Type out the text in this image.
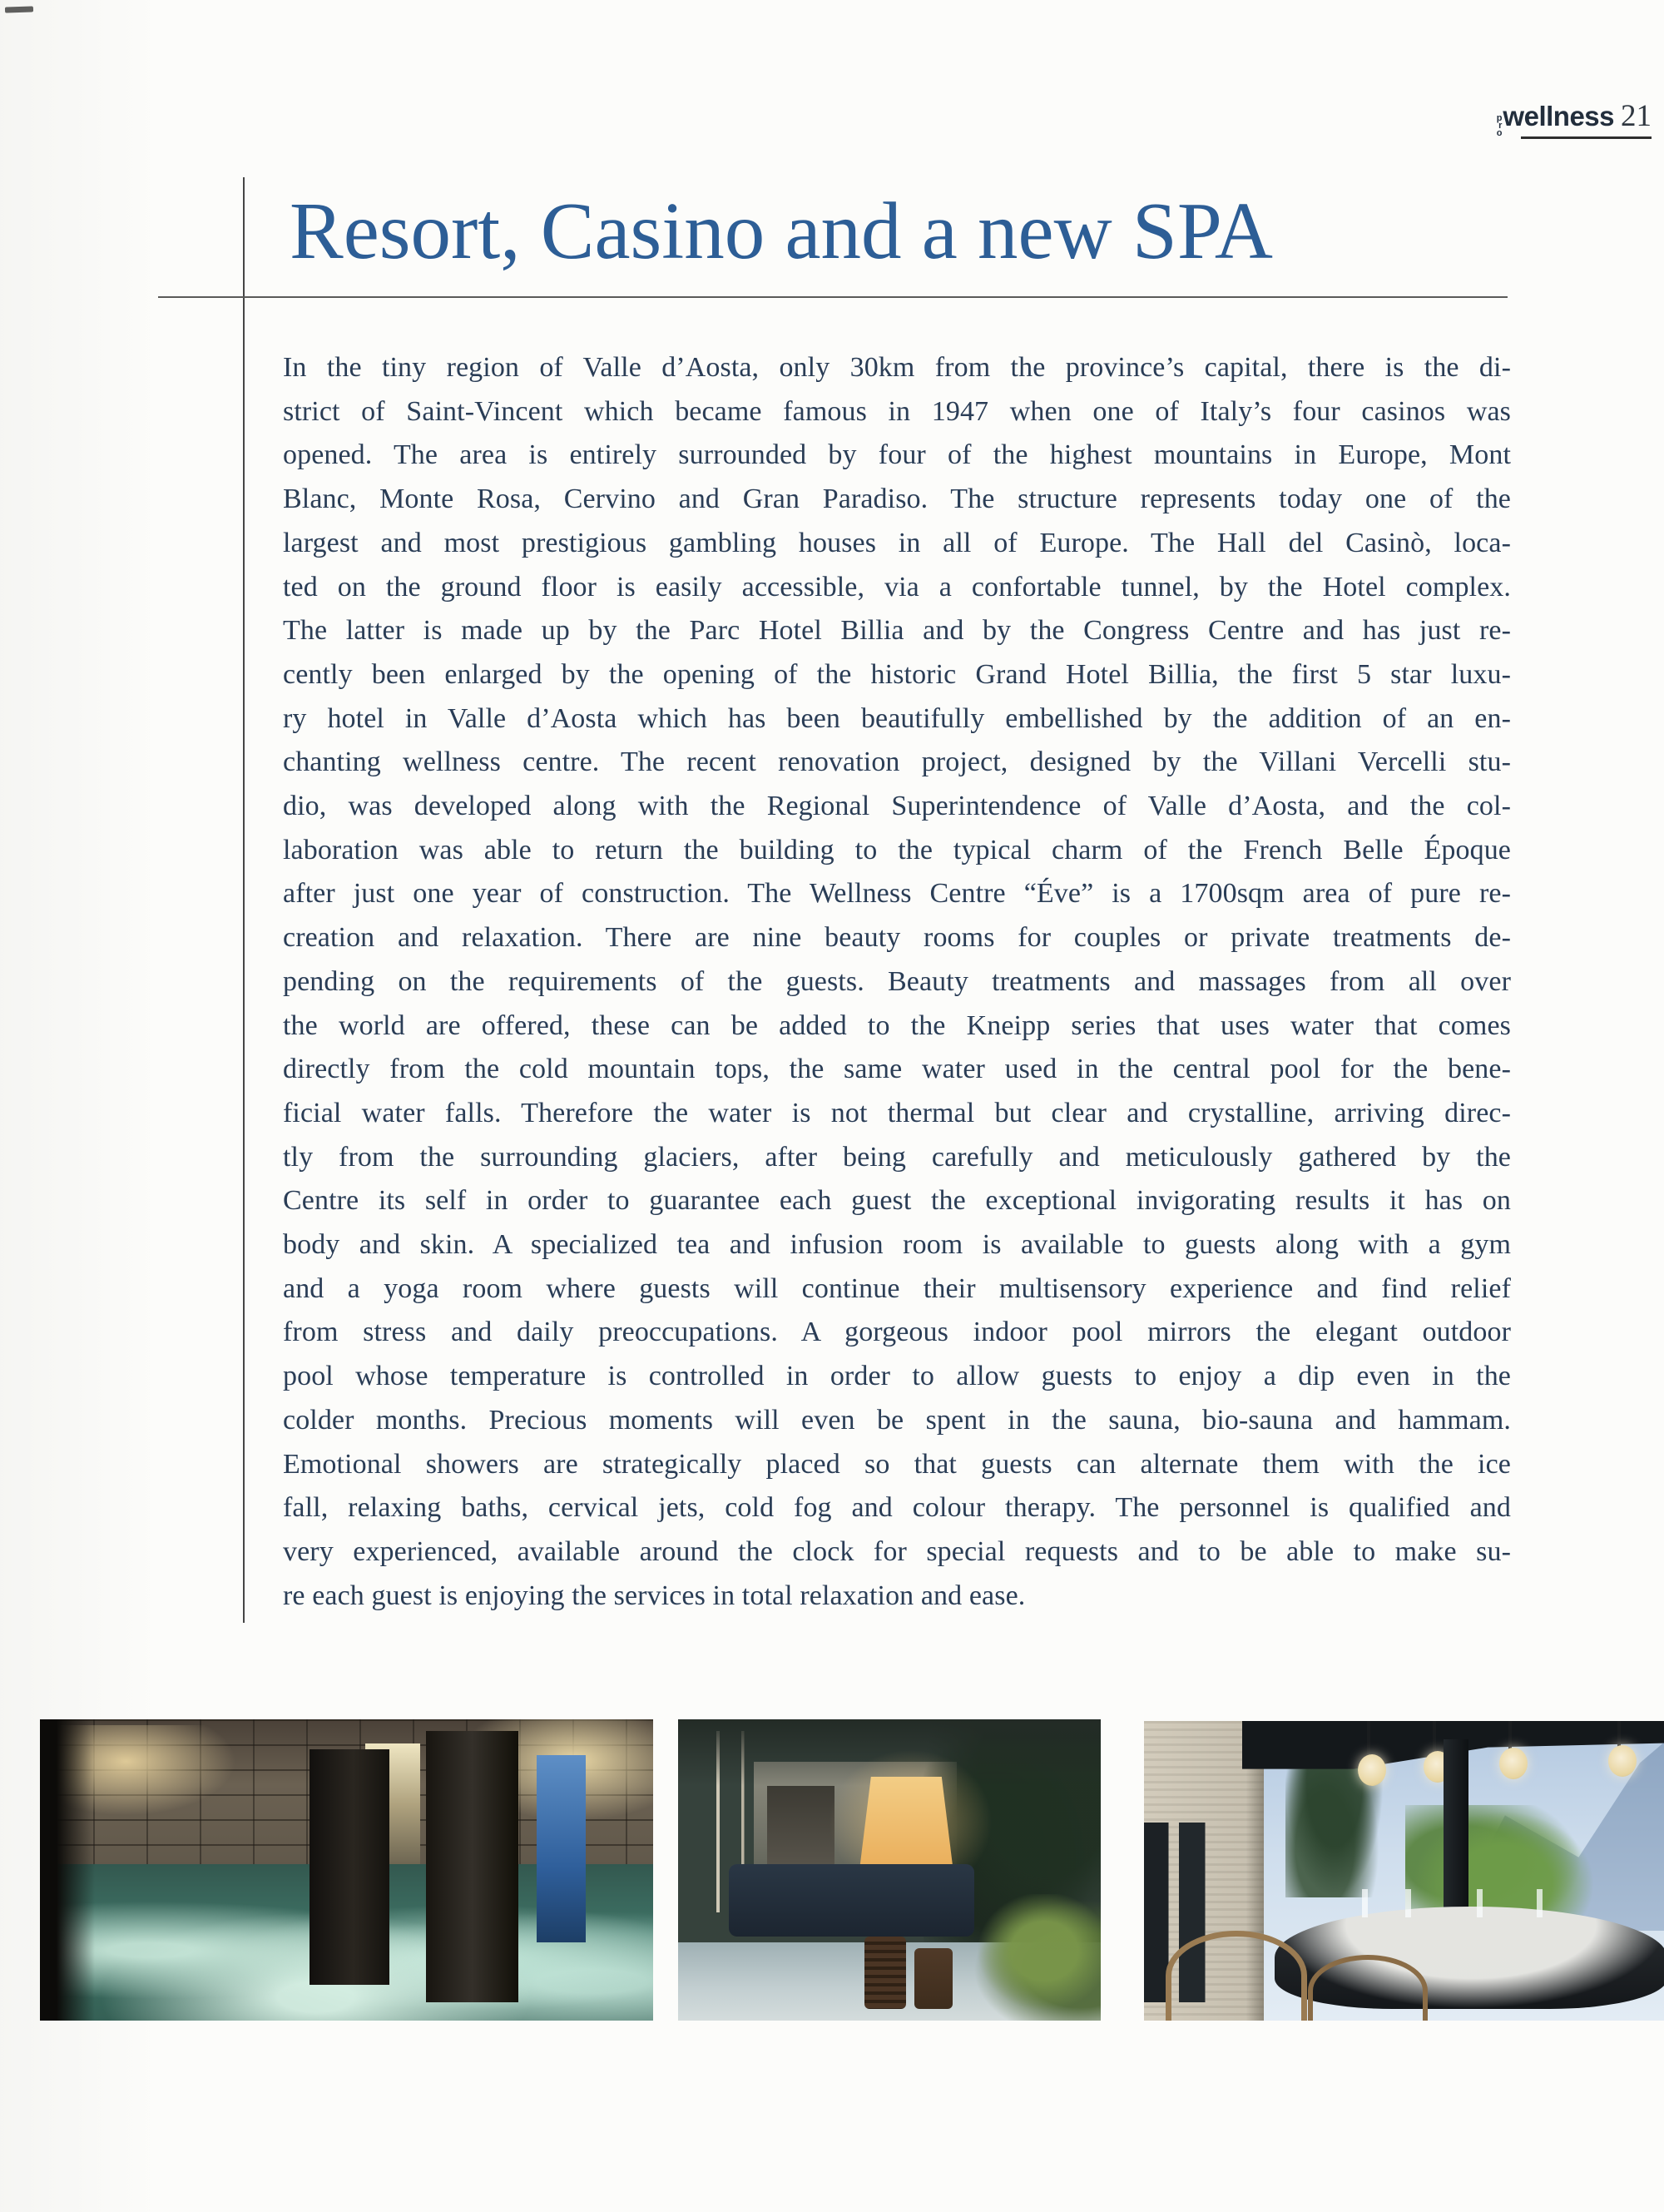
p
r
o
wellness 21
Resort, Casino and a new SPA
In the tiny region of Valle d’Aosta, only 30km from the province’s capital, there is the di-
strict of Saint-Vincent which became famous in 1947 when one of Italy’s four casinos was
opened. The area is entirely surrounded by four of the highest mountains in Europe, Mont
Blanc, Monte Rosa, Cervino and Gran Paradiso. The structure represents today one of the
largest and most prestigious gambling houses in all of Europe. The Hall del Casinò, loca-
ted on the ground floor is easily accessible, via a confortable tunnel, by the Hotel complex.
The latter is made up by the Parc Hotel Billia and by the Congress Centre and has just re-
cently been enlarged by the opening of the historic Grand Hotel Billia, the first 5 star luxu-
ry hotel in Valle d’Aosta which has been beautifully embellished by the addition of an en-
chanting wellness centre. The recent renovation project, designed by the Villani Vercelli stu-
dio, was developed along with the Regional Superintendence of Valle d’Aosta, and the col-
laboration was able to return the building to the typical charm of the French Belle Époque
after just one year of construction. The Wellness Centre “Éve” is a 1700sqm area of pure re-
creation and relaxation. There are nine beauty rooms for couples or private treatments de-
pending on the requirements of the guests. Beauty treatments and massages from all over
the world are offered, these can be added to the Kneipp series that uses water that comes
directly from the cold mountain tops, the same water used in the central pool for the bene-
ficial water falls. Therefore the water is not thermal but clear and crystalline, arriving direc-
tly from the surrounding glaciers, after being carefully and meticulously gathered by the
Centre its self in order to guarantee each guest the exceptional invigorating results it has on
body and skin. A specialized tea and infusion room is available to guests along with a gym
and a yoga room where guests will continue their multisensory experience and find relief
from stress and daily preoccupations. A gorgeous indoor pool mirrors the elegant outdoor
pool whose temperature is controlled in order to allow guests to enjoy a dip even in the
colder months. Precious moments will even be spent in the sauna, bio-sauna and hammam.
Emotional showers are strategically placed so that guests can alternate them with the ice
fall, relaxing baths, cervical jets, cold fog and colour therapy. The personnel is qualified and
very experienced, available around the clock for special requests and to be able to make su-
re each guest is enjoying the services in total relaxation and ease.
